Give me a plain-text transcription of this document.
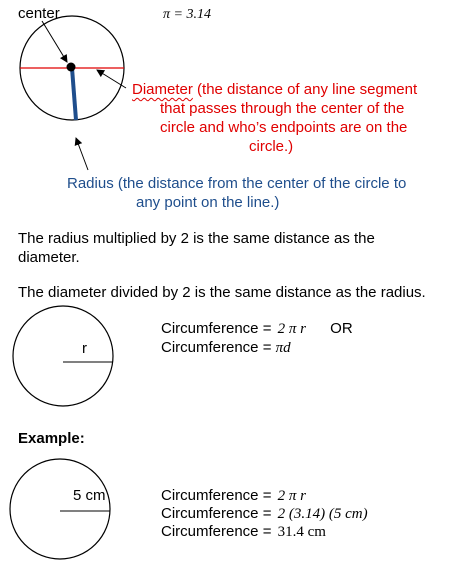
center	π = 3.14
Diameter (the distance of any line segment
that passes through the center of the
circle and who’s endpoints are on the
circle.)
Radius (the distance from the center of the circle to
any point on the line.)
The radius multiplied by 2 is the same distance as the
diameter.
The diameter divided by 2 is the same distance as the radius.
r
Circumference = 2 π r OR
Circumference = πd
Example:
5 cm	Circumference = 2 π r
Circumference = 2 (3.14) (5 cm)
Circumference = 31.4 cm
